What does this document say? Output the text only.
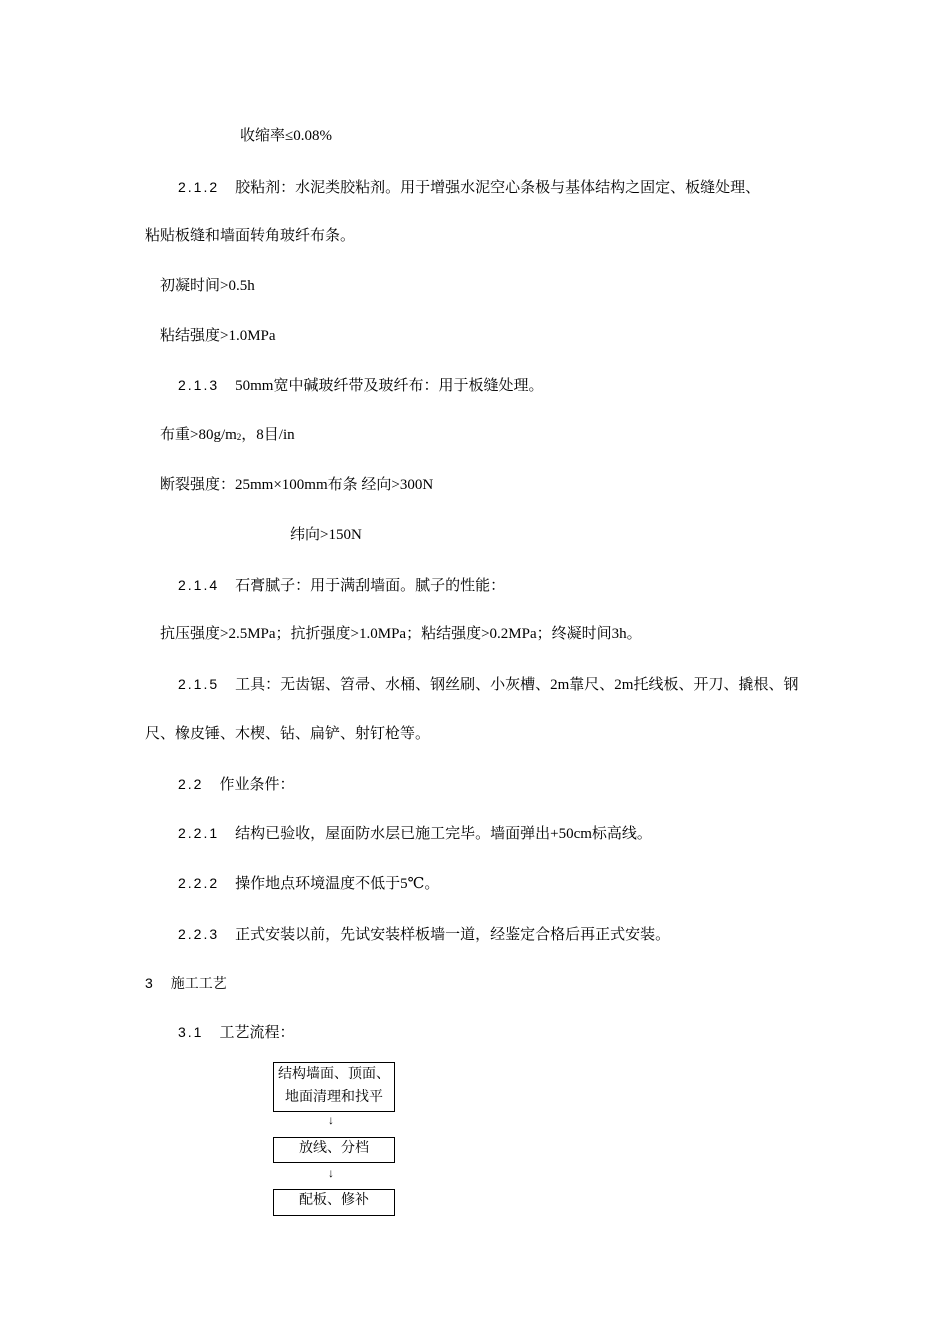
收缩率≤0.08%
2.1.2 胶粘剂：水泥类胶粘剂。用于增强水泥空心条极与基体结构之固定、板缝处理、
粘贴板缝和墙面转角玻纤布条。
初凝时间>0.5h
粘结强度>1.0MPa
2.1.3 50mm宽中碱玻纤带及玻纤布：用于板缝处理。
布重$>80g/m_2$，8目/in
断裂强度：25mm×100mm布条 经向>300N
纬向>150N
2.1.4 石膏腻子：用于满刮墙面。腻子的性能：
抗压强度>2.5MPa；抗折强度>1.0MPa；粘结强度>0.2MPa；终凝时间3h。
2.1.5 工具：无齿锯、笤帚、水桶、钢丝刷、小灰槽、2m靠尺、2m托线板、开刀、撬根、钢
尺、橡皮锤、木楔、钻、扁铲、射钉枪等。
2.2 作业条件：
2.2.1 结构已验收，屋面防水层已施工完毕。墙面弹出+50cm标高线。
2.2.2 操作地点环境温度不低于5℃。
2.2.3 正式安装以前，先试安装样板墙一道，经鉴定合格后再正式安装。
3 施工工艺
3.1 工艺流程：
结构墙面、顶面、
地面清理和找平
↓
放线、分档
↓
配板、修补
